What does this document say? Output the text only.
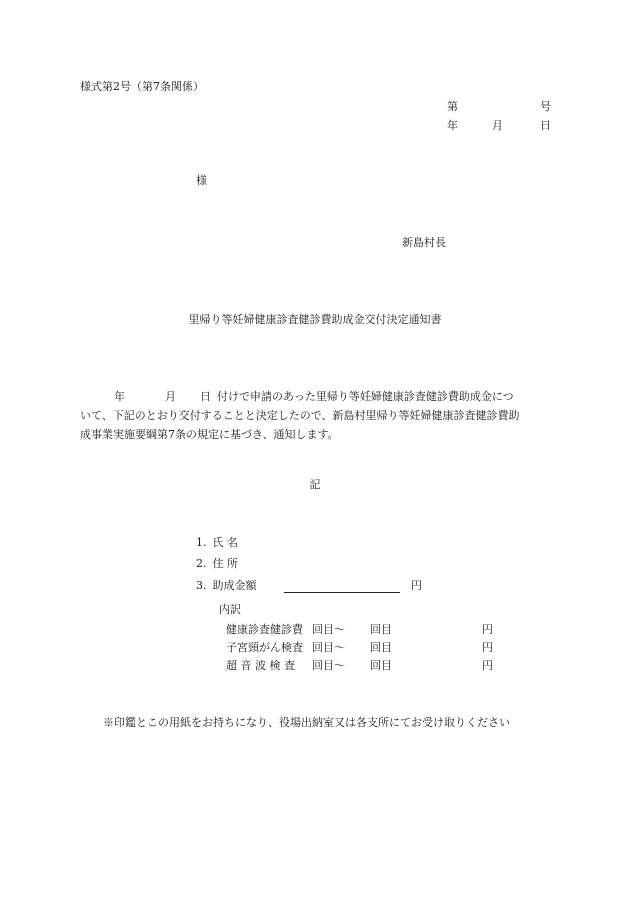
様式第2号（第7条関係）
第	号
年	月	日
様
新島村長
里帰り等妊婦健康診査健診費助成金交付決定通知書
年	月 日 付けで申請のあった里帰り等妊婦健康診査健診費助成金につ
いて、下記のとおり交付することと決定したので、新島村里帰り等妊婦健康診査健診費助
成事業実施要綱第7条の規定に基づき、通知します。
記
1. 氏 名
2. 住 所
3. 助成金額	円
内訳
健康診査健診費	回目～	回目	円
子宮頸がん検査	回目～	回目	円
超 音 波 検 査	回目～	回目	円
※印鑑とこの用紙をお持ちになり、役場出納室又は各支所にてお受け取りください
